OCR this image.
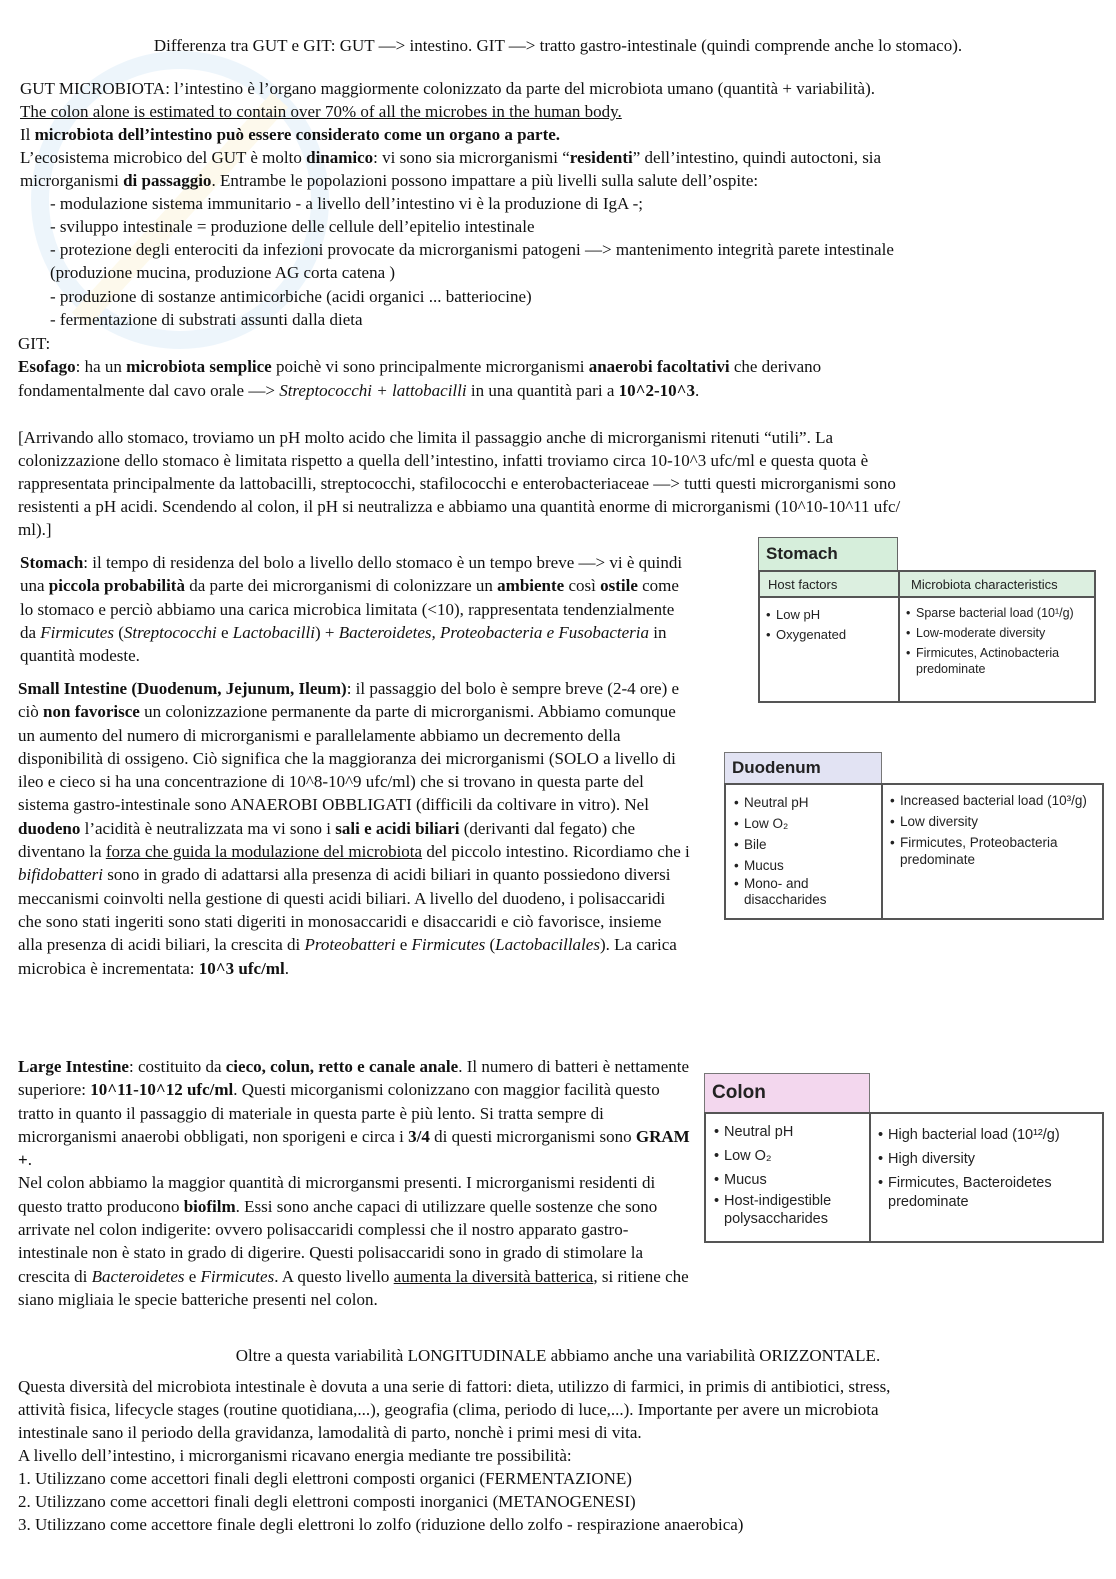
Differenza tra GUT e GIT: GUT —> intestino. GIT —> tratto gastro-intestinale (quindi comprende anche lo stomaco).
GUT MICROBIOTA: l’intestino è l’organo maggiormente colonizzato da parte del microbiota umano (quantità + variabilità).
The colon alone is estimated to contain over 70% of all the microbes in the human body.
Il microbiota dell’intestino può essere considerato come un organo a parte.
L’ecosistema microbico del GUT è molto dinamico: vi sono sia microrganismi “residenti” dell’intestino, quindi autoctoni, sia
microrganismi di passaggio. Entrambe le popolazioni possono impattare a più livelli sulla salute dell’ospite:
- modulazione sistema immunitario - a livello dell’intestino vi è la produzione di IgA -;
- sviluppo intestinale = produzione delle cellule dell’epitelio intestinale
- protezione degli enterociti da infezioni provocate da microrganismi patogeni —> mantenimento integrità parete intestinale
(produzione mucina, produzione AG corta catena )
- produzione di sostanze antimicorbiche (acidi organici ... batteriocine)
- fermentazione di substrati assunti dalla dieta
GIT:
Esofago: ha un microbiota semplice poichè vi sono principalmente microrganismi anaerobi facoltativi che derivano
fondamentalmente dal cavo orale —> Streptococchi + lattobacilli in una quantità pari a 10^2-10^3.
[Arrivando allo stomaco, troviamo un pH molto acido che limita il passaggio anche di microrganismi ritenuti “utili”. La
colonizzazione dello stomaco è limitata rispetto a quella dell’intestino, infatti troviamo circa 10-10^3 ufc/ml e questa quota è
rappresentata principalmente da lattobacilli, streptococchi, stafilococchi e enterobacteriaceae —> tutti questi microrganismi sono
resistenti a pH acidi. Scendendo al colon, il pH si neutralizza e abbiamo una quantità enorme di microrganismi (10^10-10^11 ufc/
ml).]

Stomach: il tempo di residenza del bolo a livello dello stomaco è un tempo breve —> vi è quindi una piccola probabilità da parte dei microrganismi di colonizzare un ambiente così ostile come lo stomaco e perciò abbiamo una carica microbica limitata (<10), rappresentata tendenzialmente da Firmicutes (Streptococchi e Lactobacilli) + Bacteroidetes, Proteobacteria e Fusobacteria in quantità modeste.

Small Intestine (Duodenum, Jejunum, Ileum): il passaggio del bolo è sempre breve (2-4 ore) e ciò non favorisce un colonizzazione permanente da parte di microrganismi. Abbiamo comunque un aumento del numero di microrganismi e parallelamente abbiamo un decremento della disponibilità di ossigeno. Ciò significa che la maggioranza dei microrganismi (SOLO a livello di ileo e cieco si ha una concentrazione di 10^8-10^9 ufc/ml) che si trovano in questa parte del sistema gastro-intestinale sono ANAEROBI OBBLIGATI (difficili da coltivare in vitro). Nel duodeno l’acidità è neutralizzata ma vi sono i sali e acidi biliari (derivanti dal fegato) che diventano la forza che guida la modulazione del microbiota del piccolo intestino. Ricordiamo che i bifidobatteri sono in grado di adattarsi alla presenza di acidi biliari in quanto possiedono diversi meccanismi coinvolti nella gestione di questi acidi biliari. A livello del duodeno, i polisaccaridi che sono stati ingeriti sono stati digeriti in monosaccaridi e disaccaridi e ciò favorisce, insieme alla presenza di acidi biliari, la crescita di Proteobatteri e Firmicutes (Lactobacillales). La carica microbica è incrementata: 10^3 ufc/ml.

Large Intestine: costituito da cieco, colun, retto e canale anale. Il numero di batteri è nettamente superiore: 10^11-10^12 ufc/ml. Questi micorganismi colonizzano con maggior facilità questo tratto in quanto il passaggio di materiale in questa parte è più lento. Si tratta sempre di microrganismi anaerobi obbligati, non sporigeni e circa i 3/4 di questi microrganismi sono GRAM +.

Nel colon abbiamo la maggior quantità di microrgansmi presenti. I microrganismi residenti di questo tratto producono biofilm. Essi sono anche capaci di utilizzare quelle sostenze che sono arrivate nel colon indigerite: ovvero polisaccaridi complessi che il nostro apparato gastro-intestinale non è stato in grado di digerire. Questi polisaccaridi sono in grado di stimolare la crescita di Bacteroidetes e Firmicutes. A questo livello aumenta la diversità batterica, si ritiene che siano migliaia le specie batteriche presenti nel colon.

Oltre a questa variabilità LONGITUDINALE abbiamo anche una variabilità ORIZZONTALE.
Questa diversità del microbiota intestinale è dovuta a una serie di fattori: dieta, utilizzo di farmici, in primis di antibiotici, stress,
attività fisica, lifecycle stages (routine quotidiana,...), geografia (clima, periodo di luce,...). Importante per avere un microbiota
intestinale sano il periodo della gravidanza, lamodalità di parto, nonchè i primi mesi di vita.
A livello dell’intestino, i microrganismi ricavano energia mediante tre possibilità:
1. Utilizzano come accettori finali degli elettroni composti organici (FERMENTAZIONE)
2. Utilizzano come accettori finali degli elettroni composti inorganici (METANOGENESI)
3. Utilizzano come accettore finale degli elettroni lo zolfo (riduzione dello zolfo - respirazione anaerobica)
Stomach
Host factors	Microbiota characteristics
• Low pH
• Oxygenated
• Sparse bacterial load (10¹/g)
• Low-moderate diversity
• Firmicutes, Actinobacteria predominate
Duodenum
• Neutral pH
• Low O₂
• Bile
• Mucus
• Mono- and disaccharides
• Increased bacterial load (10³/g)
• Low diversity
• Firmicutes, Proteobacteria predominate
Colon
• Neutral pH
• Low O₂
• Mucus
• Host-indigestible polysaccharides
• High bacterial load (10¹²/g)
• High diversity
• Firmicutes, Bacteroidetes predominate
